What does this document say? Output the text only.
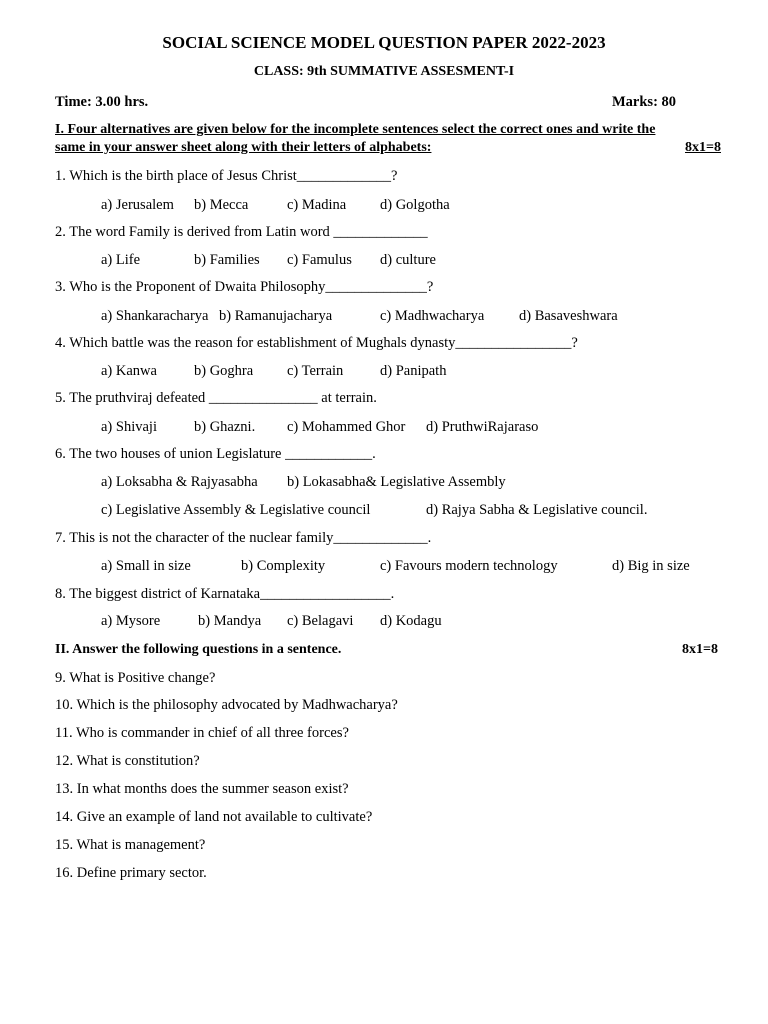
SOCIAL SCIENCE MODEL QUESTION PAPER 2022-2023
CLASS: 9th SUMMATIVE ASSESMENT-I
Time: 3.00 hrs.	Marks: 80
I. Four alternatives are given below for the incomplete sentences select the correct ones and write the
same in your answer sheet along with their letters of alphabets:	8x1=8
1. Which is the birth place of Jesus Christ_____________?
a) Jerusalem b) Mecca	c) Madina d) Golgotha
2. The word Family is derived from Latin word _____________
a) Life	b) Families c) Famulus d) culture
3. Who is the Proponent of Dwaita Philosophy______________?
a) Shankaracharya b) Ramanujacharya	c) Madhwacharya d) Basaveshwara
4. Which battle was the reason for establishment of Mughals dynasty________________?
a) Kanwa	b) Goghra c) Terrain	d) Panipath
5. The pruthviraj defeated _______________ at terrain.
a) Shivaji	b) Ghazni. c) Mohammed Ghor d) PruthwiRajaraso
6. The two houses of union Legislature ____________.
a) Loksabha & Rajyasabha b) Lokasabha& Legislative Assembly
c) Legislative Assembly & Legislative council	d) Rajya Sabha & Legislative council.
7. This is not the character of the nuclear family_____________.
a) Small in size	b) Complexity	c) Favours modern technology	d) Big in size
8. The biggest district of Karnataka__________________.
a) Mysore	b) Mandya c) Belagavi d) Kodagu
II. Answer the following questions in a sentence.	8x1=8
9. What is Positive change?
10. Which is the philosophy advocated by Madhwacharya?
11. Who is commander in chief of all three forces?
12. What is constitution?
13. In what months does the summer season exist?
14. Give an example of land not available to cultivate?
15. What is management?
16. Define primary sector.
